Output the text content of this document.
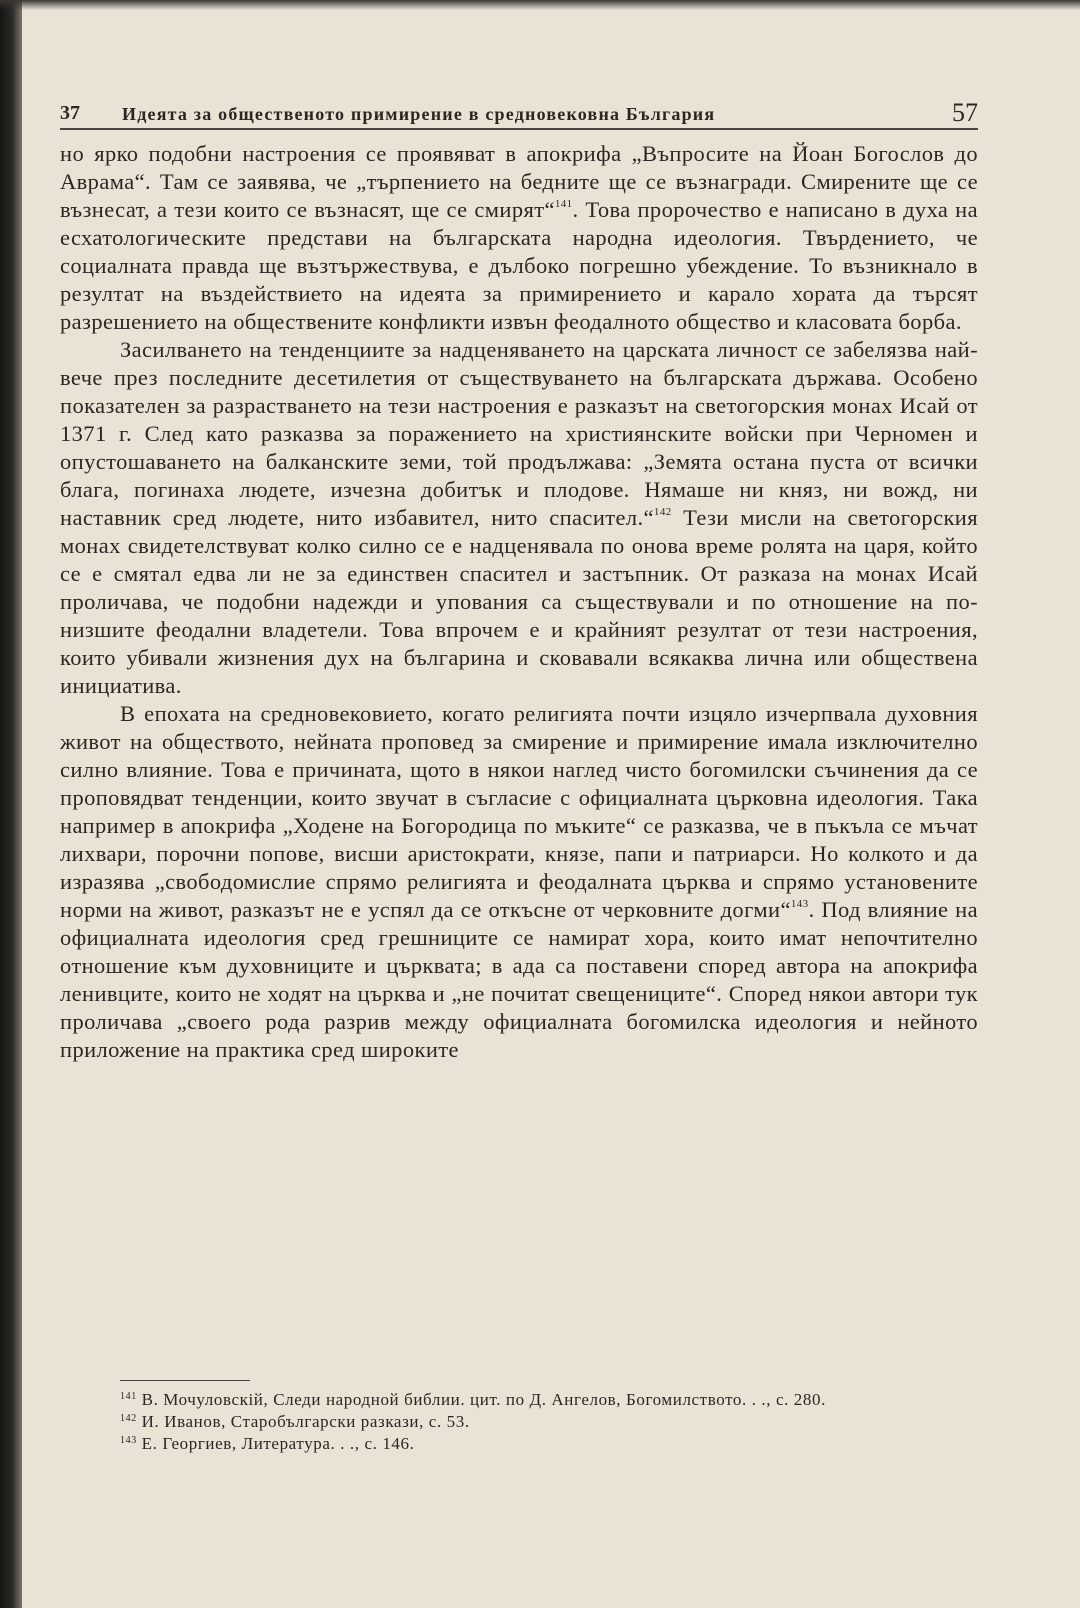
37 Идеята за общественото примирение в средновековна България	57

но ярко подобни настроения се проявяват в апокрифа „Въпросите на Йоан Богослов до Аврама“. Там се заявява, че „търпението на бедните ще се възнагради. Смирените ще се възнесат, а тези които се възнасят, ще се смирят“$^{141}$. Това пророчество е написано в духа на есхатологическите представи на българската народна идеология. Твърдението, че социалната правда ще възтържествува, е дълбоко погрешно убеждение. То възникнало в резултат на въздействието на идеята за примирението и карало хората да търсят разрешението на обществените конфликти извън феодалното общество и класовата борба.

Засилването на тенденциите за надценяването на царската личност се забелязва най-вече през последните десетилетия от съществуването на българската държава. Особено показателен за разрастването на тези настроения е разказът на светогорския монах Исай от 1371 г. След като разказва за поражението на християнските войски при Черномен и опустошаването на балканските земи, той продължава: „Земята остана пуста от всички блага, погинаха людете, изчезна добитък и плодове. Нямаше ни княз, ни вожд, ни наставник сред людете, нито избавител, нито спасител.“$^{142}$ Тези мисли на светогорския монах свидетелствуват колко силно се е надценявала по онова време ролята на царя, който се е смятал едва ли не за единствен спасител и застъпник. От разказа на монах Исай проличава, че подобни надежди и упования са съществували и по отношение на по-низшите феодални владетели. Това впрочем е и крайният резултат от тези настроения, които убивали жизнения дух на българина и сковавали всякаква лична или обществена инициатива.

В епохата на средновековието, когато религията почти изцяло изчерпвала духовния живот на обществото, нейната проповед за смирение и примирение имала изключително силно влияние. Това е причината, щото в някои наглед чисто богомилски съчинения да се проповядват тенденции, които звучат в съгласие с официалната църковна идеология. Така например в апокрифа „Ходене на Богородица по мъките“ се разказва, че в пъкъла се мъчат лихвари, порочни попове, висши аристократи, князе, папи и патриарси. Но колкото и да изразява „свободомислие спрямо религията и феодалната църква и спрямо установените норми на живот, разказът не е успял да се откъсне от черковните догми“$^{143}$. Под влияние на официалната идеология сред грешниците се намират хора, които имат непочтително отношение към духовниците и църквата; в ада са поставени според автора на апокрифа ленивците, които не ходят на църква и „не почитат свещениците“. Според някои автори тук проличава „своего рода разрив между официалната богомилска идеология и нейното приложение на практика сред широките

$^{141}$ В. Мочуловскій, Следи народной библии. цит. по Д. Ангелов, Богомилството. . ., с. 280.

$^{142}$ И. Иванов, Старобългарски разкази, с. 53.

$^{143}$ Е. Георгиев, Литература. . ., с. 146.
